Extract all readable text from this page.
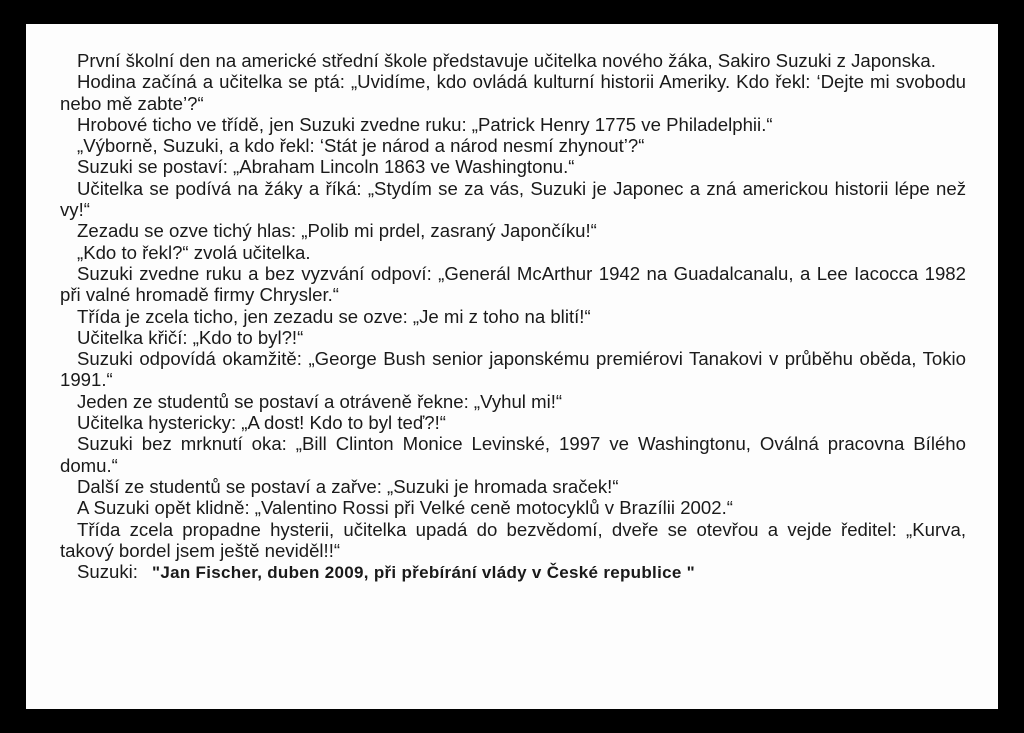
První školní den na americké střední škole představuje učitelka nového žáka, Sakiro Suzuki z Japonska.

Hodina začíná a učitelka se ptá: „Uvidíme, kdo ovládá kulturní historii Ameriky. Kdo řekl: ‘Dejte mi svobodu nebo mě zabte’?“

Hrobové ticho ve třídě, jen Suzuki zvedne ruku: „Patrick Henry 1775 ve Philadelphii.“

„Výborně, Suzuki, a kdo řekl: ‘Stát je národ a národ nesmí zhynout’?“

Suzuki se postaví: „Abraham Lincoln 1863 ve Washingtonu.“

Učitelka se podívá na žáky a říká: „Stydím se za vás, Suzuki je Japonec a zná americkou historii lépe než vy!“

Zezadu se ozve tichý hlas: „Polib mi prdel, zasraný Japončíku!“

„Kdo to řekl?“ zvolá učitelka.

Suzuki zvedne ruku a bez vyzvání odpoví: „Generál McArthur 1942 na Guadalcanalu, a Lee Iacocca 1982 při valné hromadě firmy Chrysler.“

Třída je zcela ticho, jen zezadu se ozve: „Je mi z toho na blití!“

Učitelka křičí: „Kdo to byl?!“

Suzuki odpovídá okamžitě: „George Bush senior japonskému premiérovi Tanakovi v průběhu oběda, Tokio 1991.“

Jeden ze studentů se postaví a otráveně řekne: „Vyhul mi!“

Učitelka hystericky: „A dost! Kdo to byl teď?!“

Suzuki bez mrknutí oka: „Bill Clinton Monice Levinské, 1997 ve Washingtonu, Oválná pracovna Bílého domu.“

Další ze studentů se postaví a zařve: „Suzuki je hromada sraček!“

A Suzuki opět klidně: „Valentino Rossi při Velké ceně motocyklů v Brazílii 2002.“

Třída zcela propadne hysterii, učitelka upadá do bezvědomí, dveře se otevřou a vejde ředitel: „Kurva, takový bordel jsem ještě neviděl!!“

Suzuki: "Jan Fischer, duben 2009, při přebírání vlády v České republice "
